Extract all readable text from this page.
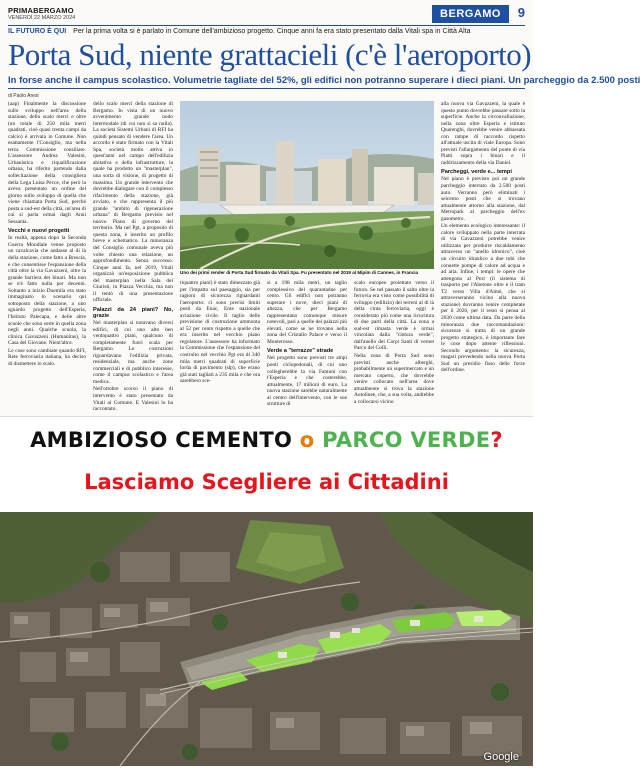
PRIMABERGAMO
VENERDÌ 22 MARZO 2024	BERGAMO	9
IL FUTURO È QUI Per la prima volta si è parlato in Comune dell'ambizioso progetto. Cinque anni fa era stato presentato dalla Vitali spa in Città Alta
Porta Sud, niente grattacieli (c'è l'aeroporto)
In forse anche il campus scolastico. Volumetrie tagliate del 52%, gli edifici non potranno superare i dieci piani. Un parcheggio da 2.500 posti
di Paolo Aresi

(aap) Finalmente la discussione sullo sviluppo nell'area della stazione, dello scalo merci e oltre (un totale di 250 mila metri quadrati, cioè quasi trenta campi da calcio) è arrivata in Comune. Non esattamente l'Consiglio, ma nella terza Commissione consiliare. L'assessore Andrea Valesini, Urbanistica e riqualificazione urbana, ha riferito partendo dalla sollecitazione della consigliera della Lega Luisa Pecce, che però la aveva presentato un ordine del giorno sullo sviluppo di quella che viene chiamata Porta Sud, perché posta a sud-est della città, un'area di cui si parla ormai dagli Anni Sessanta.

Vecchi e nuovi progetti

In realtà, appena dopo la Seconda Guerra Mondiale venne proposto un cavalcavia che andasse al di là della stazione, come fatto a Brescia, e che consentisse l'espansione della città oltre la via Gavazzeni, oltre la grande barriera dei binari. Ma non se n'è fatto nulla per decenni. Soltanto a inizio Duemila era stato immaginato lo scenario qui sottoposto della stazione, a uno sguardo progetto dell'Esperia, l'Istituto Palecapa, e delle altre scuole che sono sorte in quella zona negli anni. Qualche scuola, la clinica Gavazzeni (Humanitas), la Casa del Giovane. Nient'altro.

Le cose sono cambiate quando RFI, Rete ferroviaria italiana, ha deciso di dismettere lo scalo.

dello scalo merci della stazione di Bergamo. In vista di un nuovo avvenimento grande nodo intermodale (di cui non si sa nulla). La società Sistemi Urbani di RFI ha quindi pensato di vendere l'area. Un accordo è stato firmato con la Vitali Spa, società molto attiva in quest'anni nel campo dell'edilizia abitativa e della infrastrutture, la quale ha prodotto un "masterplan", una sorta di visione, di progetto di massima. Un grande intervento che dovrebbe dialogare con il complesso rifacimento della stazione, già avviato, e che rappresenta il più grande "ambito di rigenerazione urbana" di Bergamo previsto nel nuovo Piano di governo del territorio. Ma nel Pgt, a proposito di questa zona, è inserito un profilo breve e schematico. La minoranza del Consiglio comunale aveva più volte chiesto una relazione, un approfondimento. Senza successo. Cinque anni fa, nel 2019, Vitali organizzò un'esposizione pubblica del masterplan nella Sala dei Giuristi, in Piazza Vecchia, ma non il tentò di una presentazione ufficiale.

Palazzi da 24 piani? No, grazie

Nel masterplan si notavano diversi edifici, di cui uno alto ben ventiquattro piani, qualcuno di completamente fuori scala per Bergamo. Le costruzioni riguardavano l'edilizia privata, residenziale, ma anche zone commerciali e di pubblico interesse, come il campus scolastico e l'area medica.

Nell'ottobre scorso il piano di intervento è stato presentato da Vitali al Comune. E Valesini lo ha raccontato.

Uno dei primi render di Porta Sud firmato da Vitali Spa. Fu presentato nel 2019 al Mipim di Cannes, in Francia

tiquattro piani) è stato dimezzato già per l'impatto sul paesaggio, sia per ragioni di sicurezza riguardanti l'aeroporto: ci sono precisi limiti posti da Enac, Ente nazionale aviazione civile. Il taglio delle previsione di costruzione ammonta al 52 per cento rispetto a quelle che era inserito nel vecchio piano regolatore. L'assessore ha informato la Commissione che l'espansione del costruito nel vecchio Pgt era di 340 mila metri quadrati di superficie lorda di pavimento (slp), che erano già stati tagliati a 235 mila e che ora sarebbero sce-

si a 198 mila metri, un taglio complessivo del quarantadue per cento. Gli edifici non potranno superare i nove, dieci piani di altezza, che per Bergamo rappresentano comunque misure notevoli, pari a quelle dei palazzi più elevati, come se ne trovano nella zona del Cristallo Palace e verso il Monterosso.

Verde a "terrazze" strade

Nel progetto sono previsti tre ampi ponti ciclopedonali, di cui uno collegherebbe la via Fantoni con l'Esperia e che costerebbe, attualmente, 17 milioni di euro. La nuova stazione sarebbe naturalmente al centro dell'intervento, con le sue strutture di

scalo europeo proiettato verso il futuro. Se nel passato il salto oltre la ferrovia era visto come possibilità di sviluppo (edilizio) dei terreni al di là della cinta ferroviaria, oggi è considerato più come una ricucitura di due parti della città. La zona a sud-est rimasta verde è ormai vincolata dalla "cintura verde", dall'anello dei Corpi Santi di vernet Parco dei Colli.

Nella zona di Porta Sud sono previsti anche alberghi, probabilmente un supermercato e un mercato coperto, che dovrebbe venire collocato nell'area dove attualmente si trova la stazione Autolinee, che, a sua volta, andrebbe a collocarsi vicino

alla nuova via Gavazzeni, la quale è questo punto dovrebbe passare sotto la superficie. Anche la circonvallazione, nella zona oltre Esperia e istituto Quarenghi, dovrebbe venire abbassata con rampe di raccordo rispetto all'attuale uscita di viale Europa. Sono previsti l'allargamento del ponte di via Piatti sopra i binari e il raddrizzamento della via Daniel.

Parcheggi, verde e... tempi

Nel piano è previsto poi un grande parcheggio interrato da 2.500 posti auto. Verranno però eliminati i seicento posti che si trovano attualmente attorno alla stazione, dal Metropark al parcheggio dell'ex gasometro.

Un elemento ecologico interessante: il calore sviluppato nella parte interrata di via Gavazzeni potrebbe venire utilizzata per produrre riscaldamento attraverso un "anello idronico", cioè un circuito idraulico a due tubi che connette pompe di calore ad acqua e ad aria. Infine, i tempi: le opere che attengono al Pnrr (il sistema di trasporto per l'Abetone oltre e il tram T2 verso Villa d'Almè, che si attraverseranno vicino alla nuova stazione) dovranno venire completate per il 2026, per il resto si pensa al 2030 come ultima data. Da parte della minoranza due raccomandazioni: sicurezze si tratta di un grande progetto strategico, è importante fare le cose dopo attente riflessioni. Secondo argomento: la sicurezza, magari prevedendo nella nuova Porta Sud un presidio fisso delle forze dell'ordine.

AMBIZIOSO CEMENTO o PARCO VERDE?
Lasciamo Scegliere ai Cittadini
Google
